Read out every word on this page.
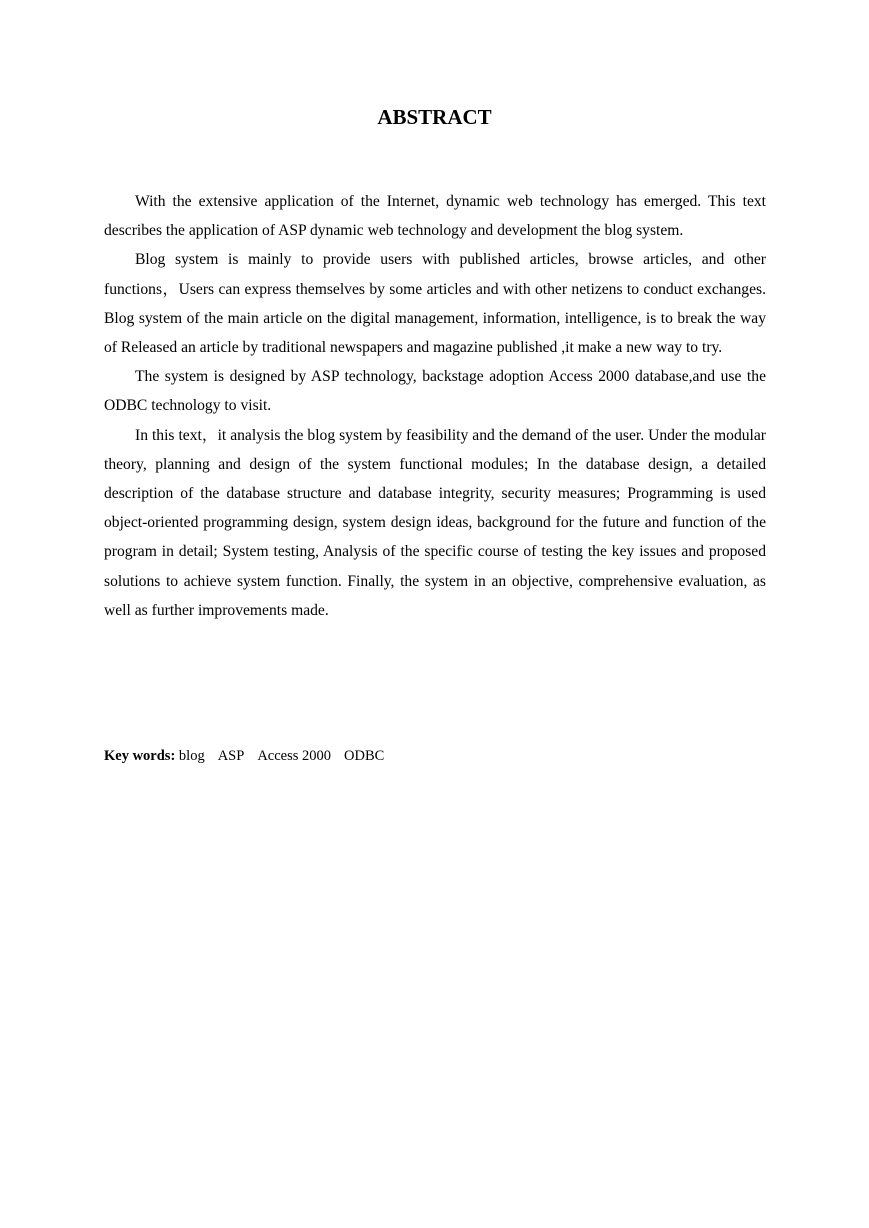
ABSTRACT

With the extensive application of the Internet, dynamic web technology has emerged. This text describes the application of ASP dynamic web technology and development the blog system.

Blog system is mainly to provide users with published articles, browse articles, and other functions，Users can express themselves by some articles and with other netizens to conduct exchanges. Blog system of the main article on the digital management, information, intelligence, is to break the way of Released an article by traditional newspapers and magazine published ,it make a new way to try.

The system is designed by ASP technology, backstage adoption Access 2000 database,and use the ODBC technology to visit.

In this text，it analysis the blog system by feasibility and the demand of the user. Under the modular theory, planning and design of the system functional modules; In the database design, a detailed description of the database structure and database integrity, security measures; Programming is used object-oriented programming design, system design ideas, background for the future and function of the program in detail; System testing, Analysis of the specific course of testing the key issues and proposed solutions to achieve system function. Finally, the system in an objective, comprehensive evaluation, as well as further improvements made.

Key words: blog ASP Access 2000 ODBC
